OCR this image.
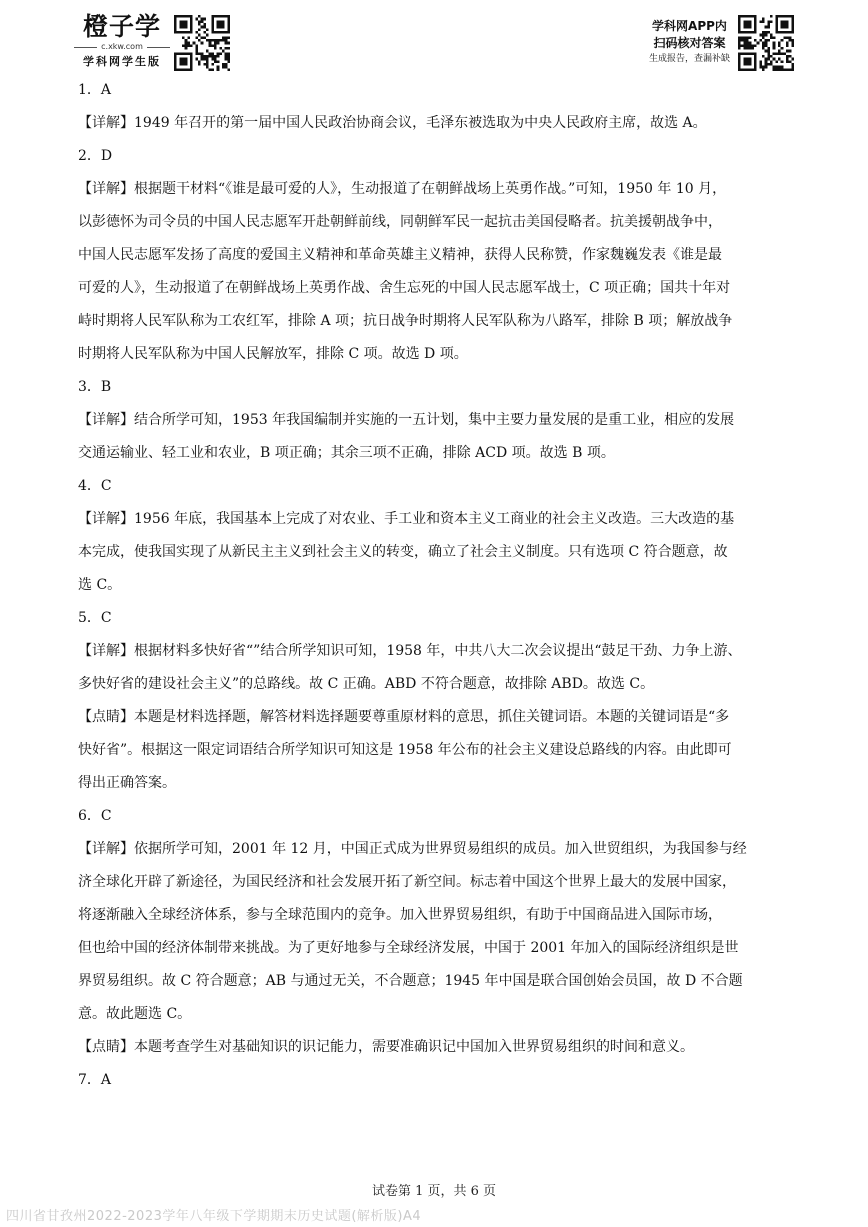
橙子学
c.xkw.com
学科网学生版
学科网APP内
扫码核对答案
生成报告，查漏补缺

1．A

【详解】1949 年召开的第一届中国人民政治协商会议，毛泽东被选取为中央人民政府主席，故选 A。

2．D

【详解】根据题干材料“《谁是最可爱的人》，生动报道了在朝鲜战场上英勇作战。”可知，1950 年 10 月，

以彭德怀为司令员的中国人民志愿军开赴朝鲜前线，同朝鲜军民一起抗击美国侵略者。抗美援朝战争中，

中国人民志愿军发扬了高度的爱国主义精神和革命英雄主义精神，获得人民称赞，作家魏巍发表《谁是最

可爱的人》，生动报道了在朝鲜战场上英勇作战、舍生忘死的中国人民志愿军战士，C 项正确；国共十年对

峙时期将人民军队称为工农红军，排除 A 项；抗日战争时期将人民军队称为八路军，排除 B 项；解放战争

时期将人民军队称为中国人民解放军，排除 C 项。故选 D 项。

3．B

【详解】结合所学可知，1953 年我国编制并实施的一五计划，集中主要力量发展的是重工业，相应的发展

交通运输业、轻工业和农业，B 项正确；其余三项不正确，排除 ACD 项。故选 B 项。

4．C

【详解】1956 年底，我国基本上完成了对农业、手工业和资本主义工商业的社会主义改造。三大改造的基

本完成，使我国实现了从新民主主义到社会主义的转变，确立了社会主义制度。只有选项 C 符合题意，故

选 C。

5．C

【详解】根据材料多快好省“”结合所学知识可知，1958 年，中共八大二次会议提出“鼓足干劲、力争上游、

多快好省的建设社会主义”的总路线。故 C 正确。ABD 不符合题意，故排除 ABD。故选 C。

【点睛】本题是材料选择题，解答材料选择题要尊重原材料的意思，抓住关键词语。本题的关键词语是“多

快好省”。根据这一限定词语结合所学知识可知这是 1958 年公布的社会主义建设总路线的内容。由此即可

得出正确答案。

6．C

【详解】依据所学可知，2001 年 12 月，中国正式成为世界贸易组织的成员。加入世贸组织，为我国参与经

济全球化开辟了新途径，为国民经济和社会发展开拓了新空间。标志着中国这个世界上最大的发展中国家，

将逐渐融入全球经济体系，参与全球范围内的竞争。加入世界贸易组织，有助于中国商品进入国际市场，

但也给中国的经济体制带来挑战。为了更好地参与全球经济发展，中国于 2001 年加入的国际经济组织是世

界贸易组织。故 C 符合题意；AB 与通过无关，不合题意；1945 年中国是联合国创始会员国，故 D 不合题

意。故此题选 C。

【点睛】本题考查学生对基础知识的识记能力，需要准确识记中国加入世界贸易组织的时间和意义。

7．A

试卷第 1 页，共 6 页
四川省甘孜州2022-2023学年八年级下学期期末历史试题(解析版)A4
